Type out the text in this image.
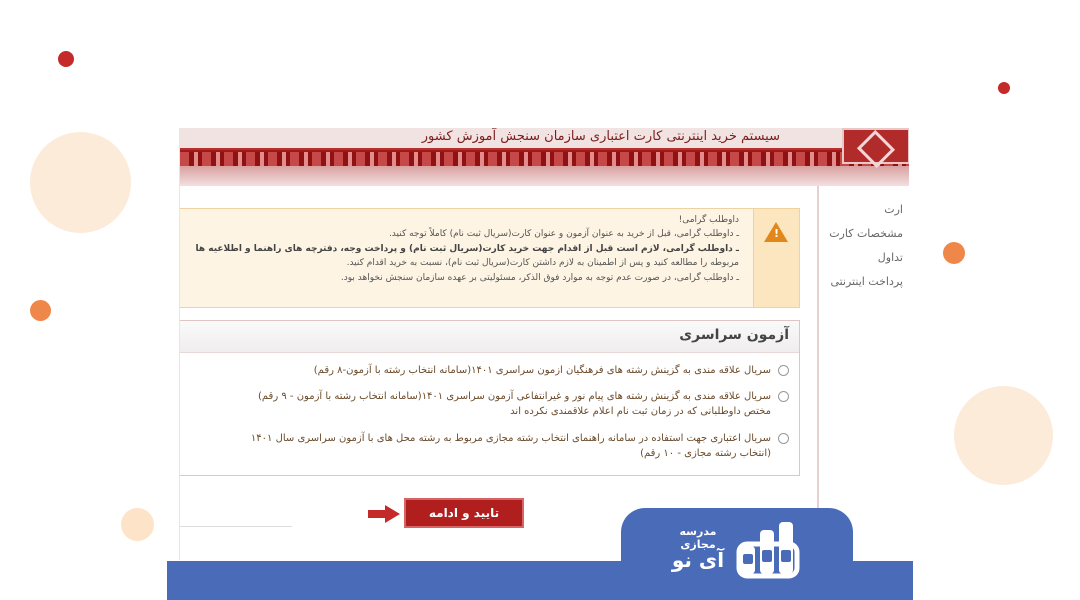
سیستم خرید اینترنتی کارت اعتباری سازمان سنجش آموزش کشور
ارت
مشخصات کارت
تداول
پرداخت اینترنتی
!
داوطلب گرامی!
ـ داوطلب گرامی، قبل از خرید به عنوان آزمون و عنوان کارت(سریال ثبت نام) کاملاً توجه کنید.
ـ داوطلب گرامی، لازم است قبل از اقدام جهت خرید کارت(سریال ثبت نام) و پرداخت وجه، دفترچه های راهنما و اطلاعیه ها
مربوطه را مطالعه کنید و پس از اطمینان به لازم داشتن کارت(سریال ثبت نام)، نسبت به خرید اقدام کنید.
ـ داوطلب گرامی، در صورت عدم توجه به موارد فوق الذکر، مسئولیتی بر عهده سازمان سنجش نخواهد بود.
آزمون سراسری
سریال علاقه مندی به گزینش رشته های فرهنگیان ازمون سراسری ۱۴۰۱(سامانه انتخاب رشته با آزمون-۸ رقم)
سریال علاقه مندی به گزینش رشته های پیام نور و غیرانتفاعی آزمون سراسری ۱۴۰۱(سامانه انتخاب رشته با آزمون - ۹ رقم)
مختص داوطلبانی که در زمان ثبت نام اعلام علاقمندی نکرده اند
سریال اعتباری جهت استفاده در سامانه راهنمای انتخاب رشته مجازی مربوط به رشته محل های با آزمون سراسری سال ۱۴۰۱
(انتخاب رشته مجازی - ۱۰ رقم)
تایید و ادامه
مدرسه مجازی
آی نو
